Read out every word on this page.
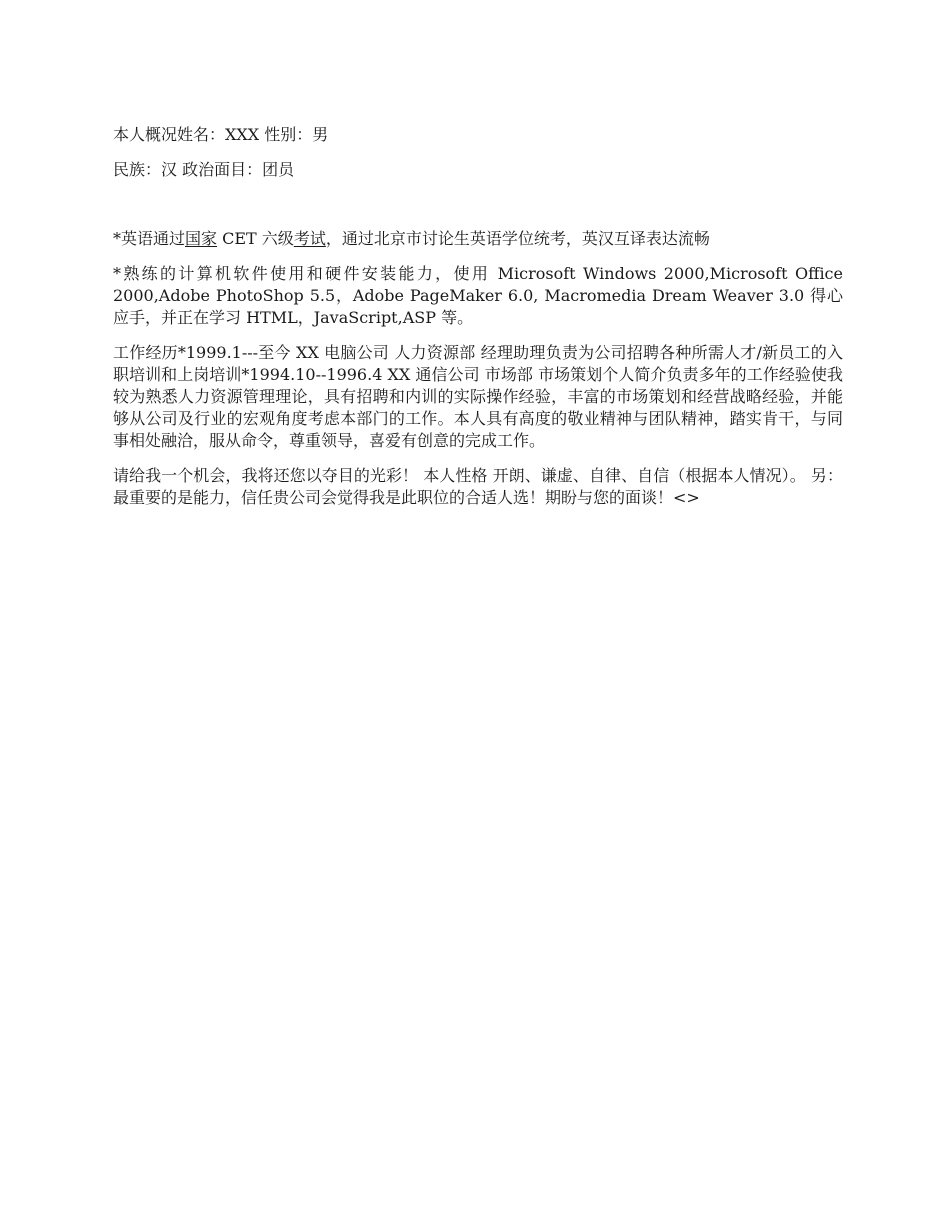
本人概况姓名：XXX 性别：男

民族：汉 政治面目：团员

*英语通过国家 CET 六级考试，通过北京市讨论生英语学位统考，英汉互译表达流畅

*熟练的计算机软件使用和硬件安装能力，使用 Microsoft Windows 2000,Microsoft Office 2000,Adobe PhotoShop 5.5，Adobe PageMaker 6.0, Macromedia Dream Weaver 3.0 得心应手，并正在学习 HTML，JavaScript,ASP 等。

工作经历*1999.1---至今 XX 电脑公司 人力资源部 经理助理负责为公司招聘各种所需人才/新员工的入职培训和上岗培训*1994.10--1996.4 XX 通信公司 市场部 市场策划个人简介负责多年的工作经验使我较为熟悉人力资源管理理论，具有招聘和内训的实际操作经验，丰富的市场策划和经营战略经验，并能够从公司及行业的宏观角度考虑本部门的工作。本人具有高度的敬业精神与团队精神，踏实肯干，与同事相处融洽，服从命令，尊重领导，喜爱有创意的完成工作。

请给我一个机会，我将还您以夺目的光彩！ 本人性格 开朗、谦虚、自律、自信（根据本人情况）。 另：最重要的是能力，信任贵公司会觉得我是此职位的合适人选！期盼与您的面谈！<>
